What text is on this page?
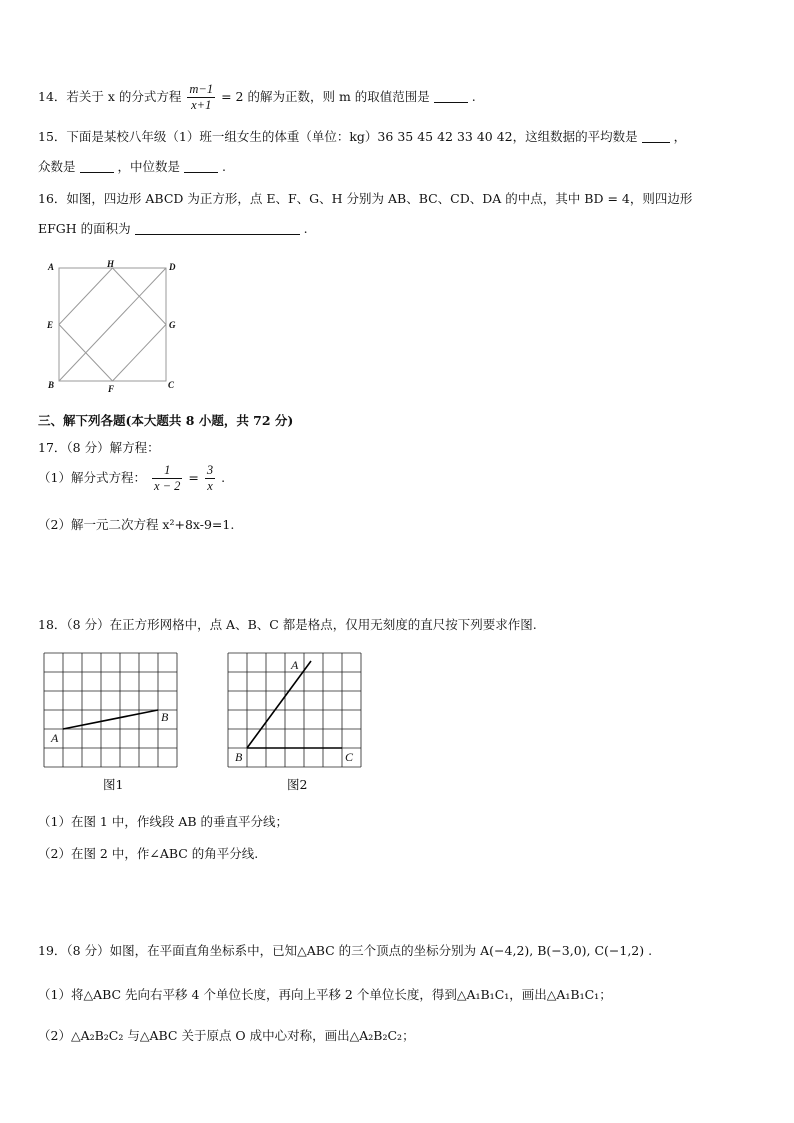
14．若关于 x 的分式方程 $\frac{m-1}{x+1} = 2$ 的解为正数，则 m 的取值范围是	.
15．下面是某校八年级（1）班一组女生的体重（单位：kg）36 35 45 42 33 40 42，这组数据的平均数是	，
众数是	，中位数是	.
16．如图，四边形 ABCD 为正方形，点 E、F、G、H 分别为 AB、BC、CD、DA 的中点，其中 BD = 4，则四边形
EFGH 的面积为	.
A	H	D
E	G
B	F	C
三、解下列各题(本大题共 8 小题，共 72 分)
17．（8 分）解方程：
（1）解分式方程： $\frac{1}{x - 2} = \frac{3}{x}$ .
（2）解一元二次方程 x²+8x-9=1.
18．（8 分）在正方形网格中，点 A、B、C 都是格点，仅用无刻度的直尺按下列要求作图.
A
B
图1
A
B	C
图2
（1）在图 1 中，作线段 AB 的垂直平分线；
（2）在图 2 中，作∠ABC 的角平分线.
19．（8 分）如图，在平面直角坐标系中，已知△ABC 的三个顶点的坐标分别为 A(−4,2), B(−3,0), C(−1,2) .
（1）将△ABC 先向右平移 4 个单位长度，再向上平移 2 个单位长度，得到△A₁B₁C₁，画出△A₁B₁C₁；
（2）△A₂B₂C₂ 与△ABC 关于原点 O 成中心对称，画出△A₂B₂C₂；
